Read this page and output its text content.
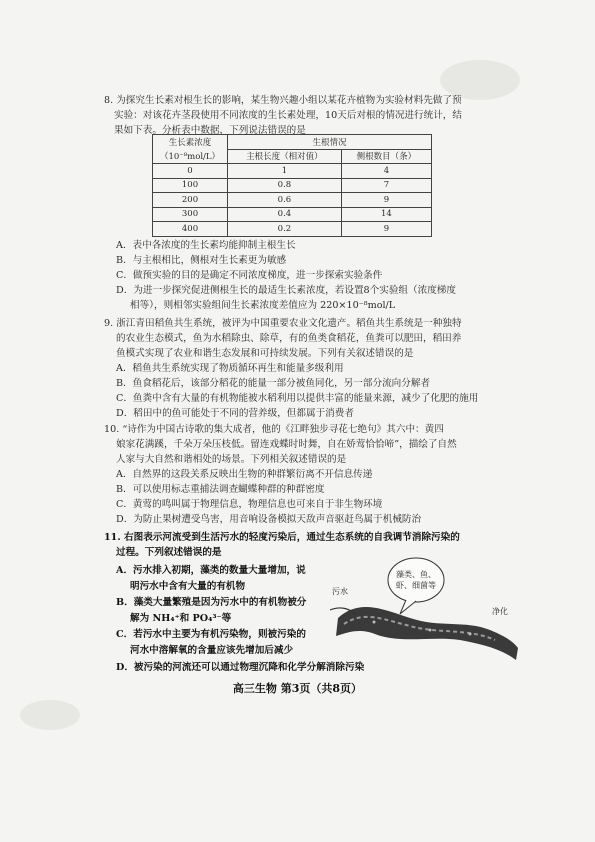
8. 为探究生长素对根生长的影响，某生物兴趣小组以某花卉植物为实验材料先做了预

实验：对该花卉茎段使用不同浓度的生长素处理，10天后对根的情况进行统计，结

果如下表。分析表中数据，下列说法错误的是

生长素浓度	生根情况	
（10⁻⁸mol/L）	主根长度（相对值）	侧根数目（条）
0	1	4
100	0.8	7
200	0.6	9
300	0.4	14
400	0.2	9

A．表中各浓度的生长素均能抑制主根生长

B．与主根相比，侧根对生长素更为敏感

C．做预实验的目的是确定不同浓度梯度，进一步探索实验条件

D．为进一步探究促进侧根生长的最适生长素浓度，若设置8个实验组（浓度梯度

相等），则相邻实验组间生长素浓度差值应为 220×10⁻⁸mol/L

9. 浙江青田稻鱼共生系统，被评为中国重要农业文化遗产。稻鱼共生系统是一种独特

的农业生态模式，鱼为水稻除虫、除草，有的鱼类食稻花，鱼粪可以肥田，稻田养

鱼模式实现了农业和谐生态发展和可持续发展。下列有关叙述错误的是

A．稻鱼共生系统实现了物质循环再生和能量多级利用

B．鱼食稻花后，该部分稻花的能量一部分被鱼同化，另一部分流向分解者

C．鱼粪中含有大量的有机物能被水稻利用以提供丰富的能量来源，减少了化肥的施用

D．稻田中的鱼可能处于不同的营养级，但都属于消费者

10. “诗作为中国古诗歌的集大成者，他的《江畔独步寻花七绝句》其六中：黄四

娘家花满蹊，千朵万朵压枝低。留连戏蝶时时舞，自在娇莺恰恰啼”，描绘了自然

人家与大自然和谐相处的场景。下列相关叙述错误的是

A．自然界的这段关系反映出生物的种群繁衍离不开信息传递

B．可以使用标志重捕法调查蝴蝶种群的种群密度

C．黄莺的鸣叫属于物理信息，物理信息也可来自于非生物环境

D．为防止果树遭受鸟害，用音响设备模拟天敌声音驱赶鸟属于机械防治

11. 右图表示河流受到生活污水的轻度污染后，通过生态系统的自我调节消除污染的

过程。下列叙述错误的是

A．污水排入初期，藻类的数量大量增加，说

明污水中含有大量的有机物

B．藻类大量繁殖是因为污水中的有机物被分

解为 NH₄⁺和 PO₄³⁻等

C．若污水中主要为有机污染物，则被污染的

河水中溶解氧的含量应该先增加后减少

D．被污染的河流还可以通过物理沉降和化学分解消除污染
藻类、鱼、
虾、细菌等
污水
净化
高三生物 第3页（共8页）
